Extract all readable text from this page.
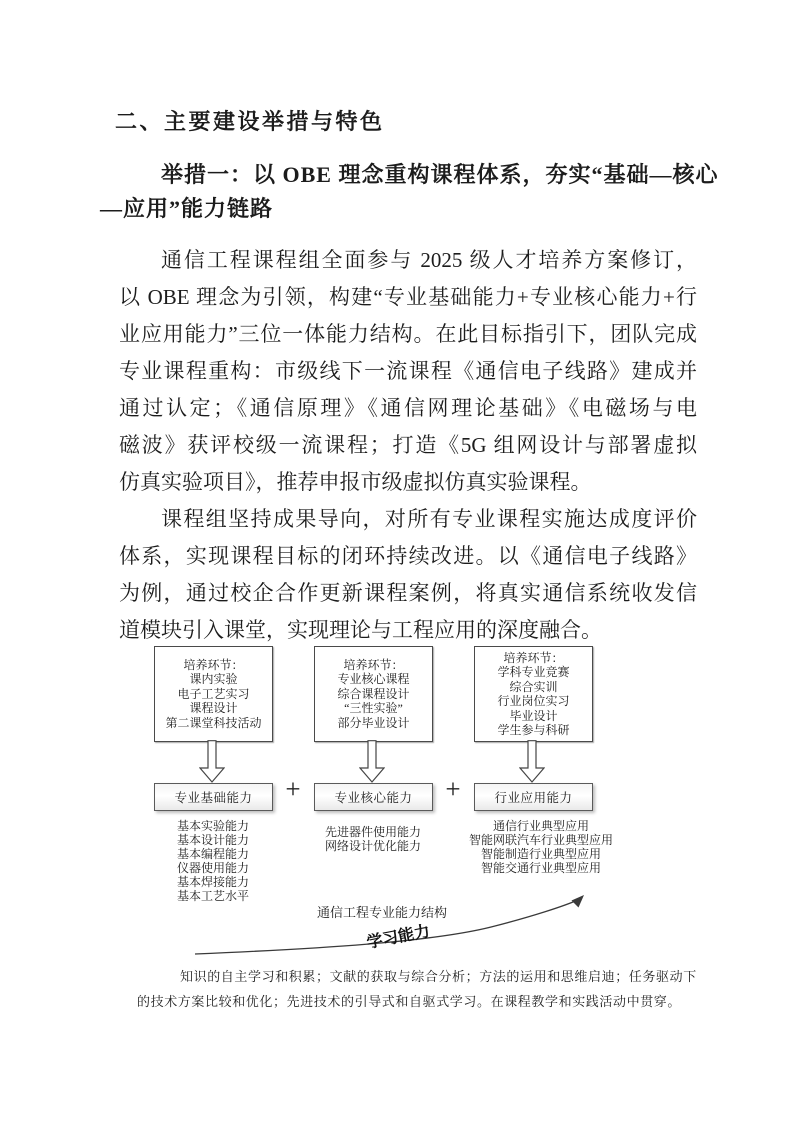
二、主要建设举措与特色
举措一：以 OBE 理念重构课程体系，夯实“基础—核心
—应用”能力链路
通信工程课程组全面参与 2025 级人才培养方案修订，
以 OBE 理念为引领，构建“专业基础能力+专业核心能力+行
业应用能力”三位一体能力结构。在此目标指引下，团队完成
专业课程重构：市级线下一流课程《通信电子线路》建成并
通过认定；《通信原理》《通信网理论基础》《电磁场与电
磁波》获评校级一流课程；打造《5G 组网设计与部署虚拟
仿真实验项目》，推荐申报市级虚拟仿真实验课程。
课程组坚持成果导向，对所有专业课程实施达成度评价
体系，实现课程目标的闭环持续改进。以《通信电子线路》
为例，通过校企合作更新课程案例，将真实通信系统收发信
道模块引入课堂，实现理论与工程应用的深度融合。
培养环节：
课内实验
电子工艺实习
课程设计
第二课堂科技活动
培养环节：
专业核心课程
综合课程设计
“三性实验”
部分毕业设计
培养环节：
学科专业竞赛
综合实训
行业岗位实习
毕业设计
学生参与科研
专业基础能力	+	专业核心能力	+	行业应用能力
基本实验能力
基本设计能力
基本编程能力
仪器使用能力
基本焊接能力
基本工艺水平
先进器件使用能力
网络设计优化能力
通信行业典型应用
智能网联汽车行业典型应用
智能制造行业典型应用
智能交通行业典型应用
通信工程专业能力结构
学习能力
知识的自主学习和积累；文献的获取与综合分析；方法的运用和思维启迪；任务驱动下
的技术方案比较和优化；先进技术的引导式和自驱式学习。在课程教学和实践活动中贯穿。
